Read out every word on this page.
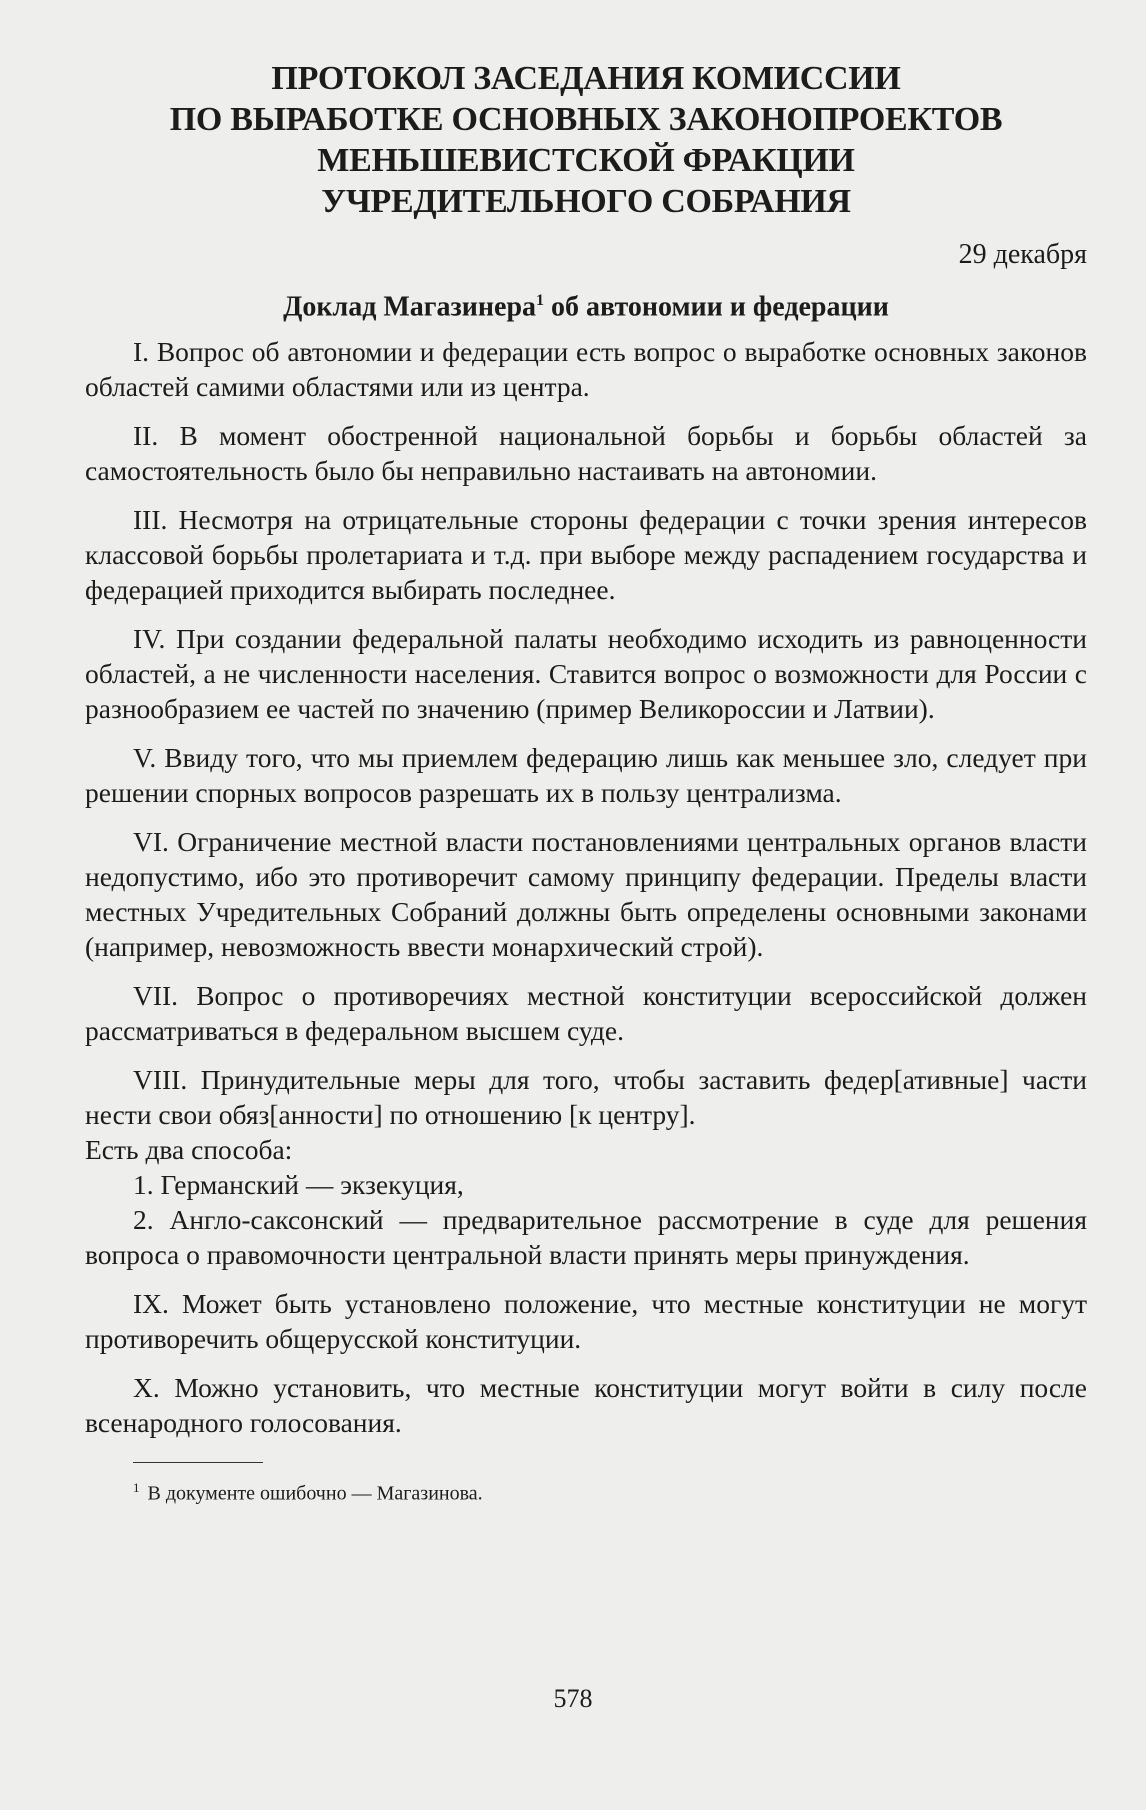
ПРОТОКОЛ ЗАСЕДАНИЯ КОМИССИИ
ПО ВЫРАБОТКЕ ОСНОВНЫХ ЗАКОНОПРОЕКТОВ
МЕНЬШЕВИСТСКОЙ ФРАКЦИИ
УЧРЕДИТЕЛЬНОГО СОБРАНИЯ
29 декабря
Доклад Магазинера$^1$ об автономии и федерации

I. Вопрос об автономии и федерации есть вопрос о выработке основных законов областей самими областями или из центра.

II. В момент обостренной национальной борьбы и борьбы областей за самостоятельность было бы неправильно настаивать на автономии.

III. Несмотря на отрицательные стороны федерации с точки зрения интересов классовой борьбы пролетариата и т.д. при выборе между распадением государства и федерацией приходится выбирать последнее.

IV. При создании федеральной палаты необходимо исходить из равноценности областей, а не численности населения. Ставится вопрос о возможности для России с разнообразием ее частей по значению (пример Великороссии и Латвии).

V. Ввиду того, что мы приемлем федерацию лишь как меньшее зло, следует при решении спорных вопросов разрешать их в пользу централизма.

VI. Ограничение местной власти постановлениями центральных органов власти недопустимо, ибо это противоречит самому принципу федерации. Пределы власти местных Учредительных Собраний должны быть определены основными законами (например, невозможность ввести монархический строй).

VII. Вопрос о противоречиях местной конституции всероссийской должен рассматриваться в федеральном высшем суде.

VIII. Принудительные меры для того, чтобы заставить федер[ативные] части нести свои обяз[анности] по отношению [к центру].

Есть два способа:

1. Германский — экзекуция,

2. Англо-саксонский — предварительное рассмотрение в суде для решения вопроса о правомочности центральной власти принять меры принуждения.

IX. Может быть установлено положение, что местные конституции не могут противоречить общерусской конституции.

X. Можно установить, что местные конституции могут войти в силу после всенародного голосования.

$^1$ В документе ошибочно — Магазинова.
578
